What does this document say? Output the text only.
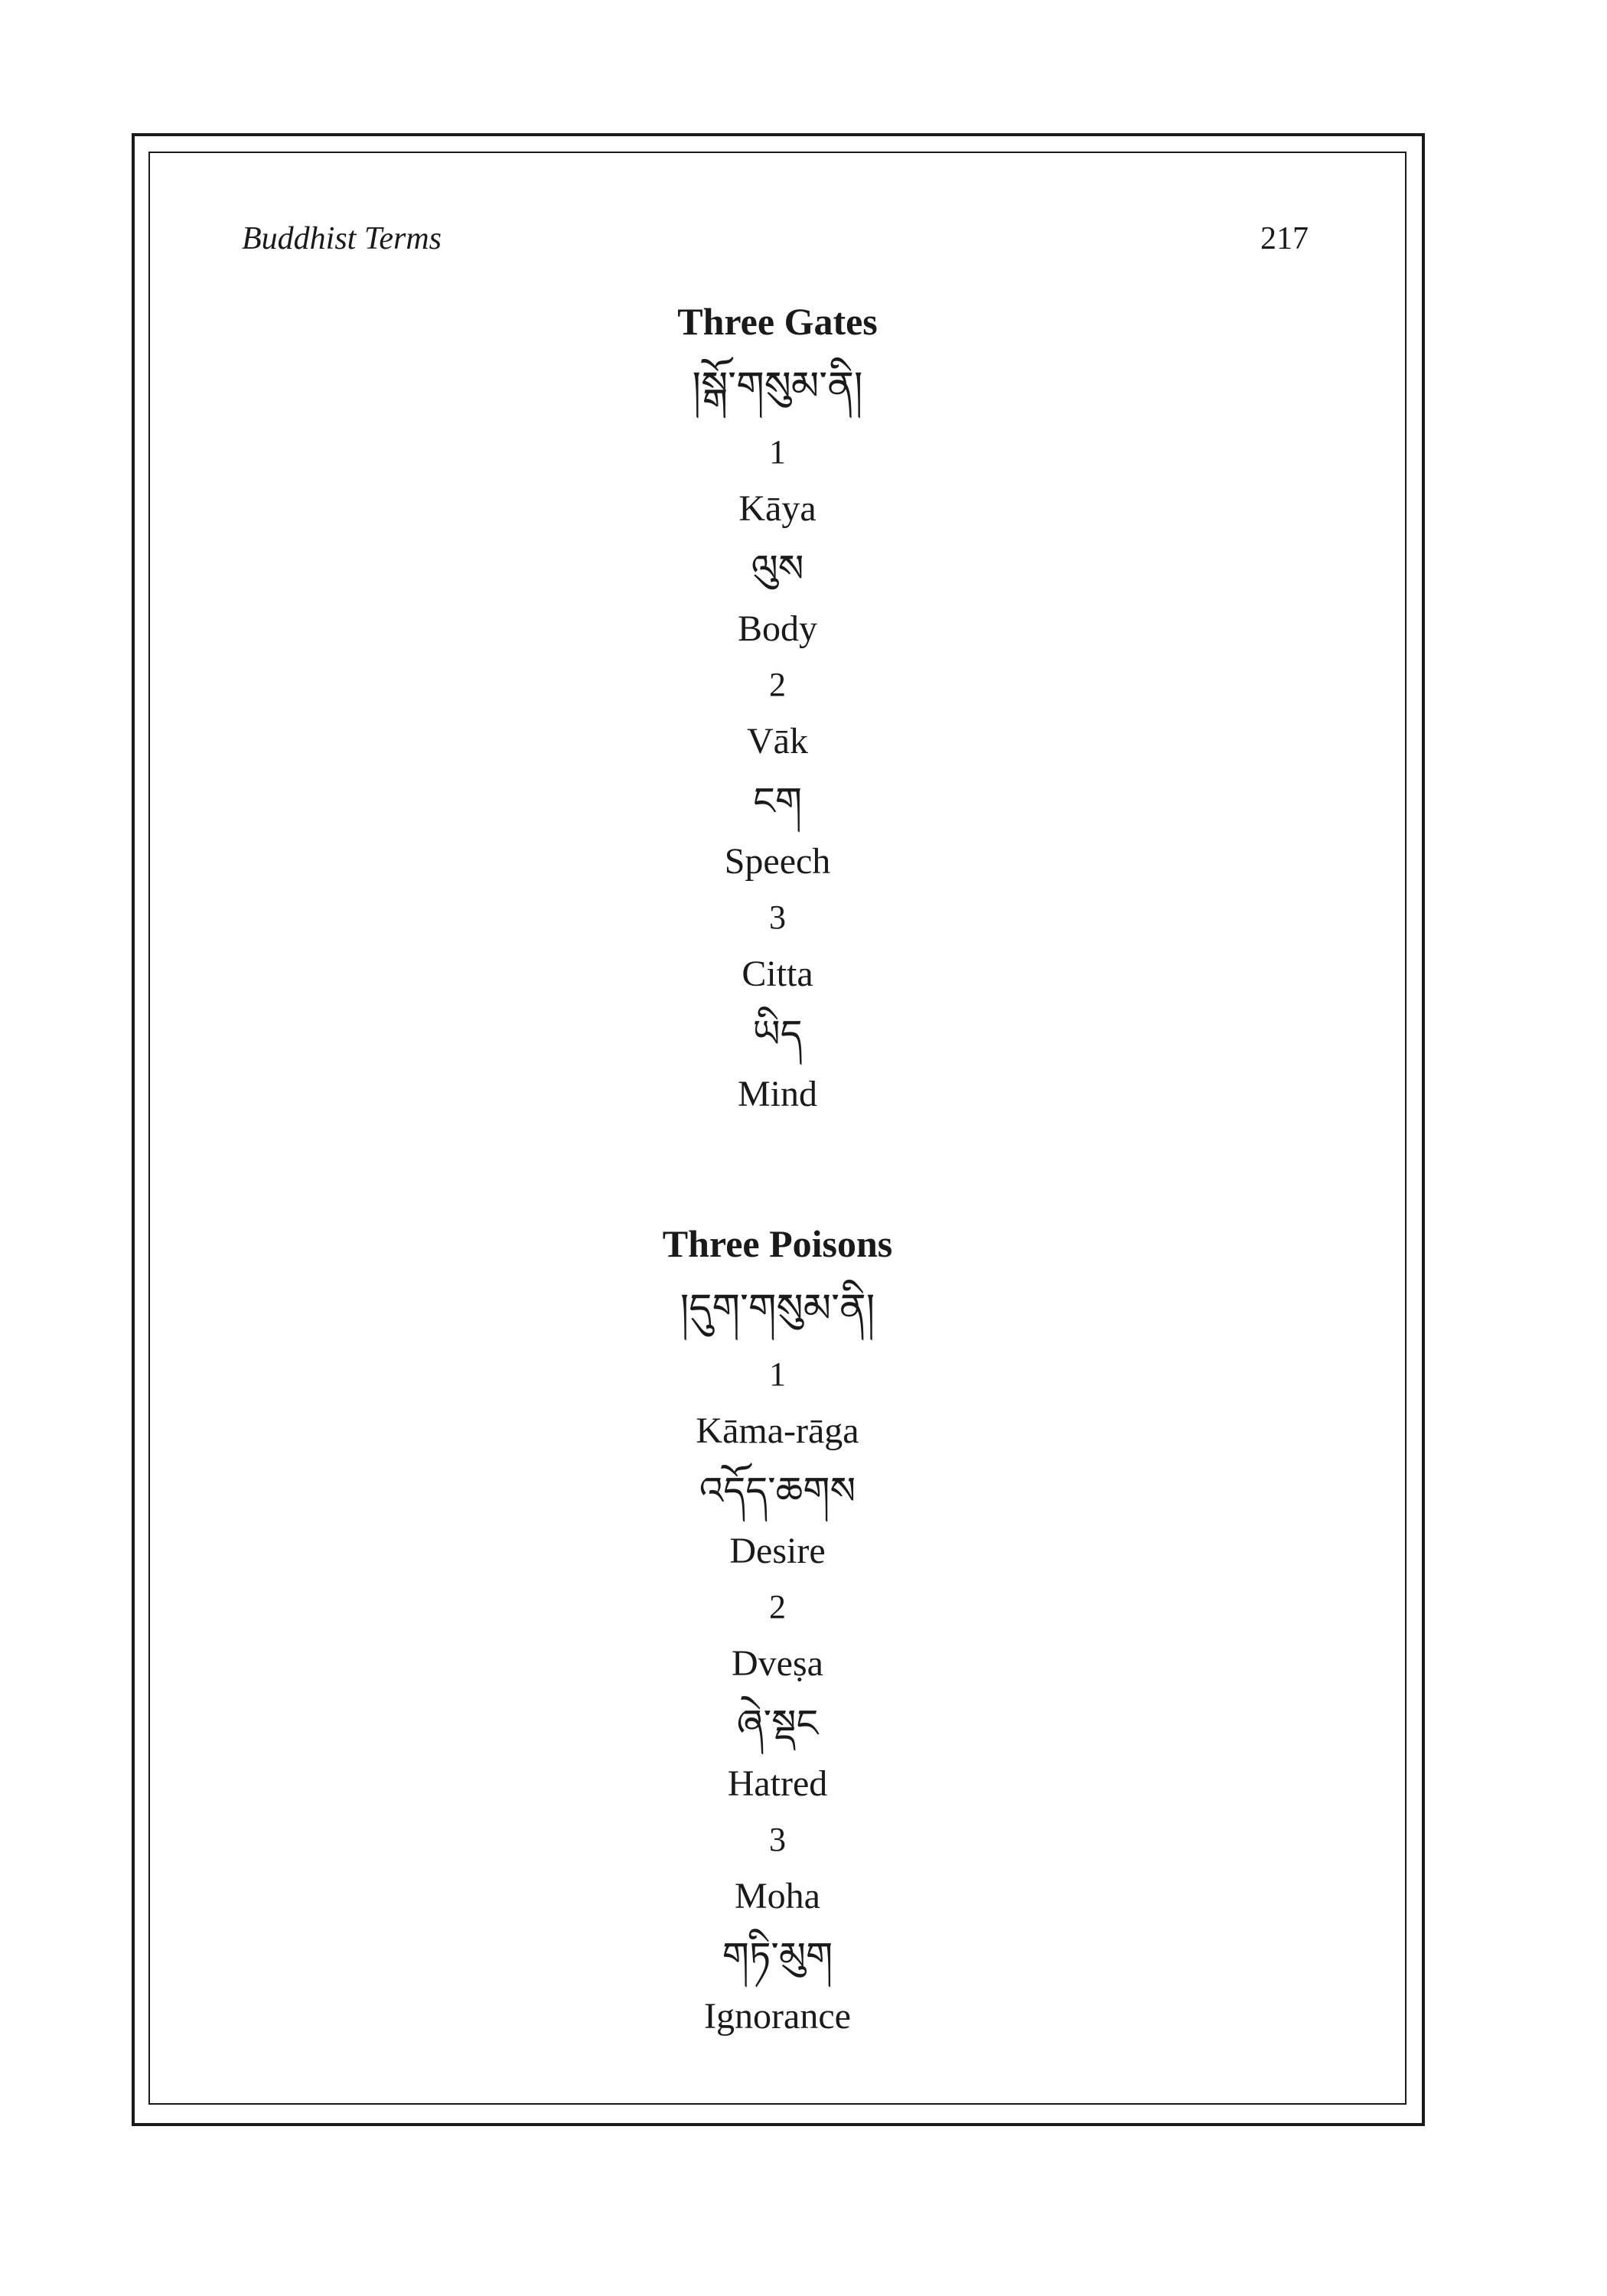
Buddhist Terms	217
Three Gates
།སྒོ་གསུམ་ནི།
1
Kāya
ལུས
Body
2
Vāk
ངག
Speech
3
Citta
ཡིད
Mind
Three Poisons
།དུག་གསུམ་ནི།
1
Kāma-rāga
འདོད་ཆགས
Desire
2
Dveṣa
ཞེ་སྡང
Hatred
3
Moha
གཏི་མུག
Ignorance
